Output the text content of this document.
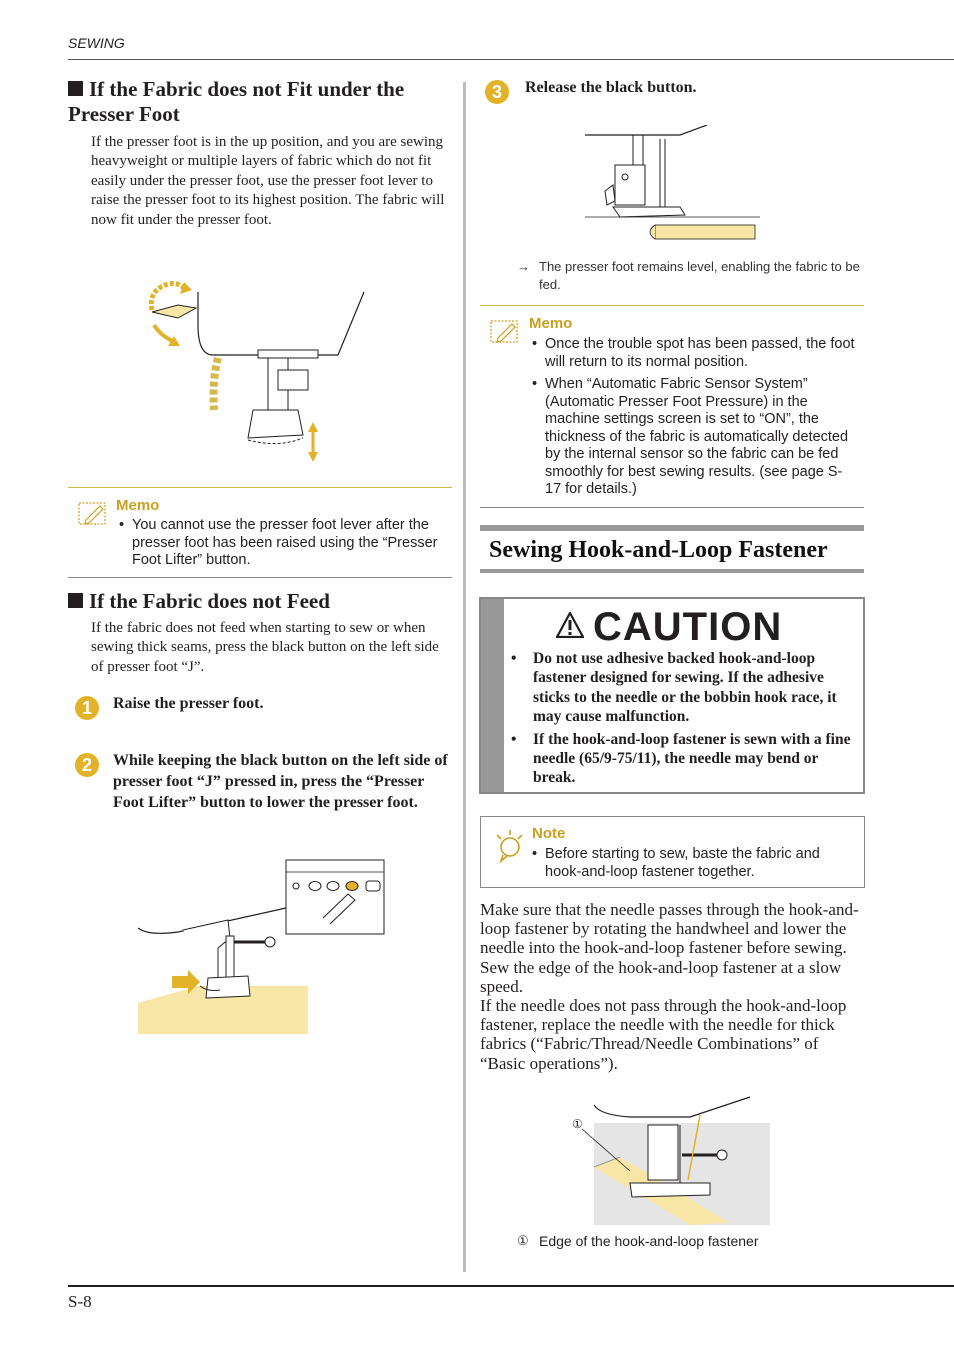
SEWING
If the Fabric does not Fit under the Presser Foot
If the presser foot is in the up position, and you are sewing heavyweight or multiple layers of fabric which do not fit easily under the presser foot, use the presser foot lever to raise the presser foot to its highest position. The fabric will now fit under the presser foot.
Memo
• You cannot use the presser foot lever after the presser foot has been raised using the “Presser Foot Lifter” button.
If the Fabric does not Feed
If the fabric does not feed when starting to sew or when sewing thick seams, press the black button on the left side of presser foot “J”.
1	Raise the presser foot.
2	While keeping the black button on the left side of presser foot “J” pressed in, press the “Presser Foot Lifter” button to lower the presser foot.
3	Release the black button.
→ The presser foot remains level, enabling the fabric to be fed.
Memo
• Once the trouble spot has been passed, the foot will return to its normal position.
• When “Automatic Fabric Sensor System” (Automatic Presser Foot Pressure) in the machine settings screen is set to “ON”, the thickness of the fabric is automatically detected by the internal sensor so the fabric can be fed smoothly for best sewing results. (see page S-17 for details.)
Sewing Hook-and-Loop Fastener
CAUTION
• Do not use adhesive backed hook-and-loop fastener designed for sewing. If the adhesive sticks to the needle or the bobbin hook race, it may cause malfunction.
• If the hook-and-loop fastener is sewn with a fine needle (65/9-75/11), the needle may bend or break.
Note
• Before starting to sew, baste the fabric and hook-and-loop fastener together.
Make sure that the needle passes through the hook-and-loop fastener by rotating the handwheel and lower the needle into the hook-and-loop fastener before sewing. Sew the edge of the hook-and-loop fastener at a slow speed.
If the needle does not pass through the hook-and-loop fastener, replace the needle with the needle for thick fabrics (“Fabric/Thread/Needle Combinations” of “Basic operations”).
①
① Edge of the hook-and-loop fastener
S-8
